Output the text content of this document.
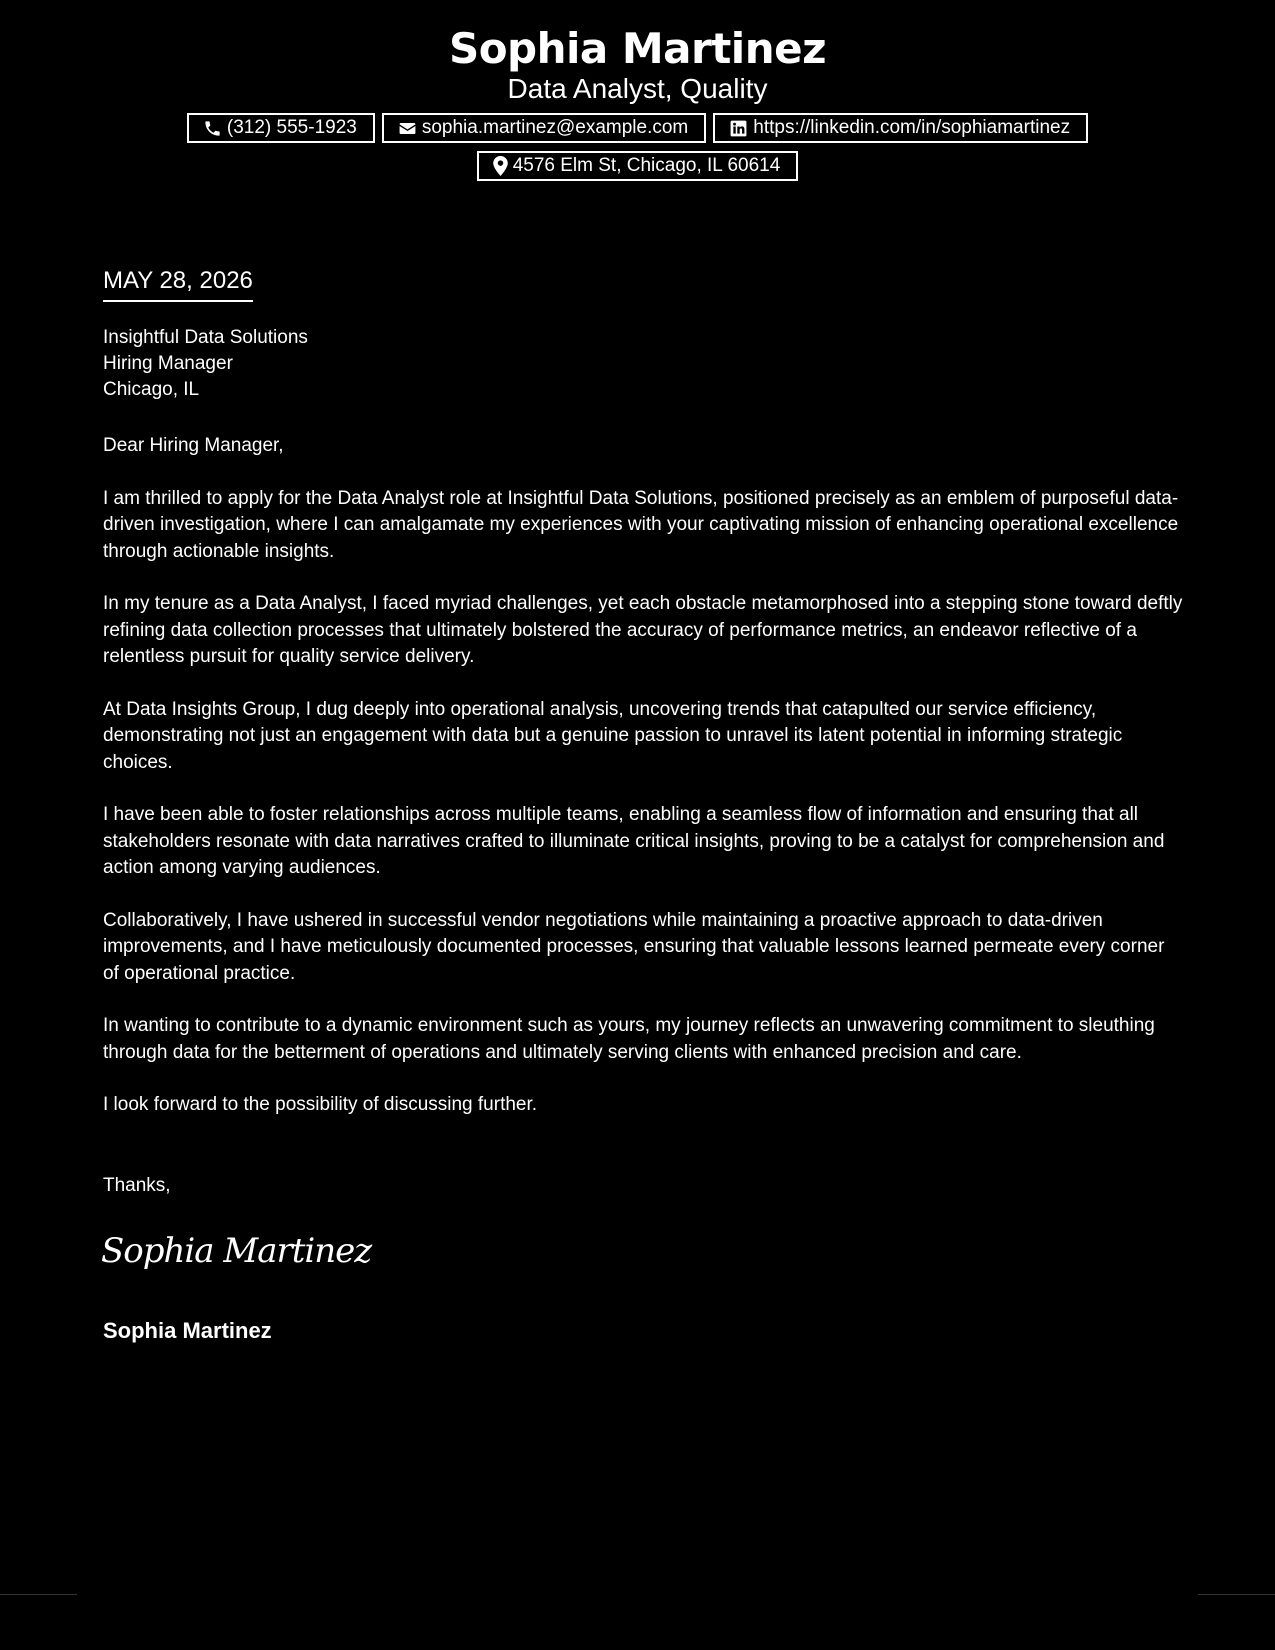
Sophia Martinez
Data Analyst, Quality
(312) 555-1923	sophia.martinez@example.com	https://linkedin.com/in/sophiamartinez
4576 Elm St, Chicago, IL 60614
MAY 28, 2026
Insightful Data Solutions
Hiring Manager
Chicago, IL

Dear Hiring Manager,

I am thrilled to apply for the Data Analyst role at Insightful Data Solutions, positioned precisely as an emblem of purposeful data-driven investigation, where I can amalgamate my experiences with your captivating mission of enhancing operational excellence through actionable insights.

In my tenure as a Data Analyst, I faced myriad challenges, yet each obstacle metamorphosed into a stepping stone toward deftly refining data collection processes that ultimately bolstered the accuracy of performance metrics, an endeavor reflective of a relentless pursuit for quality service delivery.

At Data Insights Group, I dug deeply into operational analysis, uncovering trends that catapulted our service efficiency, demonstrating not just an engagement with data but a genuine passion to unravel its latent potential in informing strategic choices.

I have been able to foster relationships across multiple teams, enabling a seamless flow of information and ensuring that all stakeholders resonate with data narratives crafted to illuminate critical insights, proving to be a catalyst for comprehension and action among varying audiences.

Collaboratively, I have ushered in successful vendor negotiations while maintaining a proactive approach to data-driven improvements, and I have meticulously documented processes, ensuring that valuable lessons learned permeate every corner of operational practice.

In wanting to contribute to a dynamic environment such as yours, my journey reflects an unwavering commitment to sleuthing through data for the betterment of operations and ultimately serving clients with enhanced precision and care.

I look forward to the possibility of discussing further.

Thanks,
Sophia Martinez
Sophia Martinez
